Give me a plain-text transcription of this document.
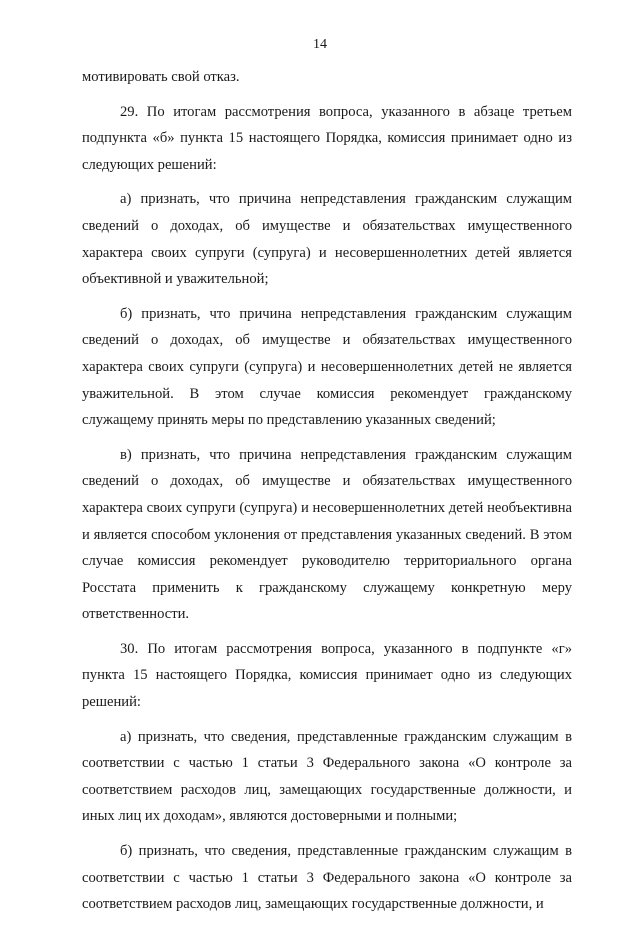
14

мотивировать свой отказ.

29. По итогам рассмотрения вопроса, указанного в абзаце третьем подпункта «б» пункта 15 настоящего Порядка, комиссия принимает одно из следующих решений:

а) признать, что причина непредставления гражданским служащим сведений о доходах, об имуществе и обязательствах имущественного характера своих супруги (супруга) и несовершеннолетних детей является объективной и уважительной;

б) признать, что причина непредставления гражданским служащим сведений о доходах, об имуществе и обязательствах имущественного характера своих супруги (супруга) и несовершеннолетних детей не является уважительной. В этом случае комиссия рекомендует гражданскому служащему принять меры по представлению указанных сведений;

в) признать, что причина непредставления гражданским служащим сведений о доходах, об имуществе и обязательствах имущественного характера своих супруги (супруга) и несовершеннолетних детей необъективна и является способом уклонения от представления указанных сведений. В этом случае комиссия рекомендует руководителю территориального органа Росстата применить к гражданскому служащему конкретную меру ответственности.

30. По итогам рассмотрения вопроса, указанного в подпункте «г» пункта 15 настоящего Порядка, комиссия принимает одно из следующих решений:

а) признать, что сведения, представленные гражданским служащим в соответствии с частью 1 статьи 3 Федерального закона «О контроле за соответствием расходов лиц, замещающих государственные должности, и иных лиц их доходам», являются достоверными и полными;

б) признать, что сведения, представленные гражданским служащим в соответствии с частью 1 статьи 3 Федерального закона «О контроле за соответствием расходов лиц, замещающих государственные должности, и
